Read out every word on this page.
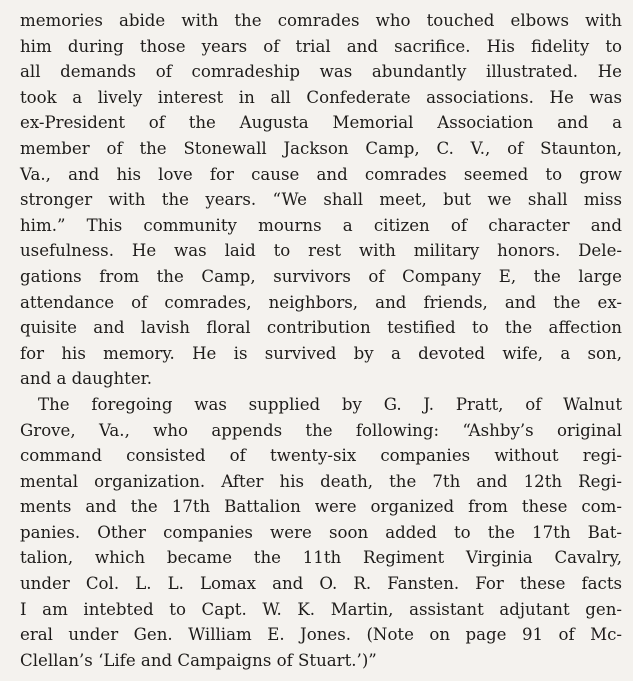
memories abide with the comrades who touched elbows with
him during those years of trial and sacrifice. His fidelity to
all demands of comradeship was abundantly illustrated. He
took a lively interest in all Confederate associations. He was
ex-President of the Augusta Memorial Association and a
member of the Stonewall Jackson Camp, C. V., of Staunton,
Va., and his love for cause and comrades seemed to grow
stronger with the years. “We shall meet, but we shall miss
him.” This community mourns a citizen of character and
usefulness. He was laid to rest with military honors. Dele-
gations from the Camp, survivors of Company E, the large
attendance of comrades, neighbors, and friends, and the ex-
quisite and lavish floral contribution testified to the affection
for his memory. He is survived by a devoted wife, a son,
and a daughter.
The foregoing was supplied by G. J. Pratt, of Walnut
Grove, Va., who appends the following: “Ashby’s original
command consisted of twenty-six companies without regi-
mental organization. After his death, the 7th and 12th Regi-
ments and the 17th Battalion were organized from these com-
panies. Other companies were soon added to the 17th Bat-
talion, which became the 11th Regiment Virginia Cavalry,
under Col. L. L. Lomax and O. R. Fansten. For these facts
I am intebted to Capt. W. K. Martin, assistant adjutant gen-
eral under Gen. William E. Jones. (Note on page 91 of Mc-
Clellan’s ‘Life and Campaigns of Stuart.’)”
